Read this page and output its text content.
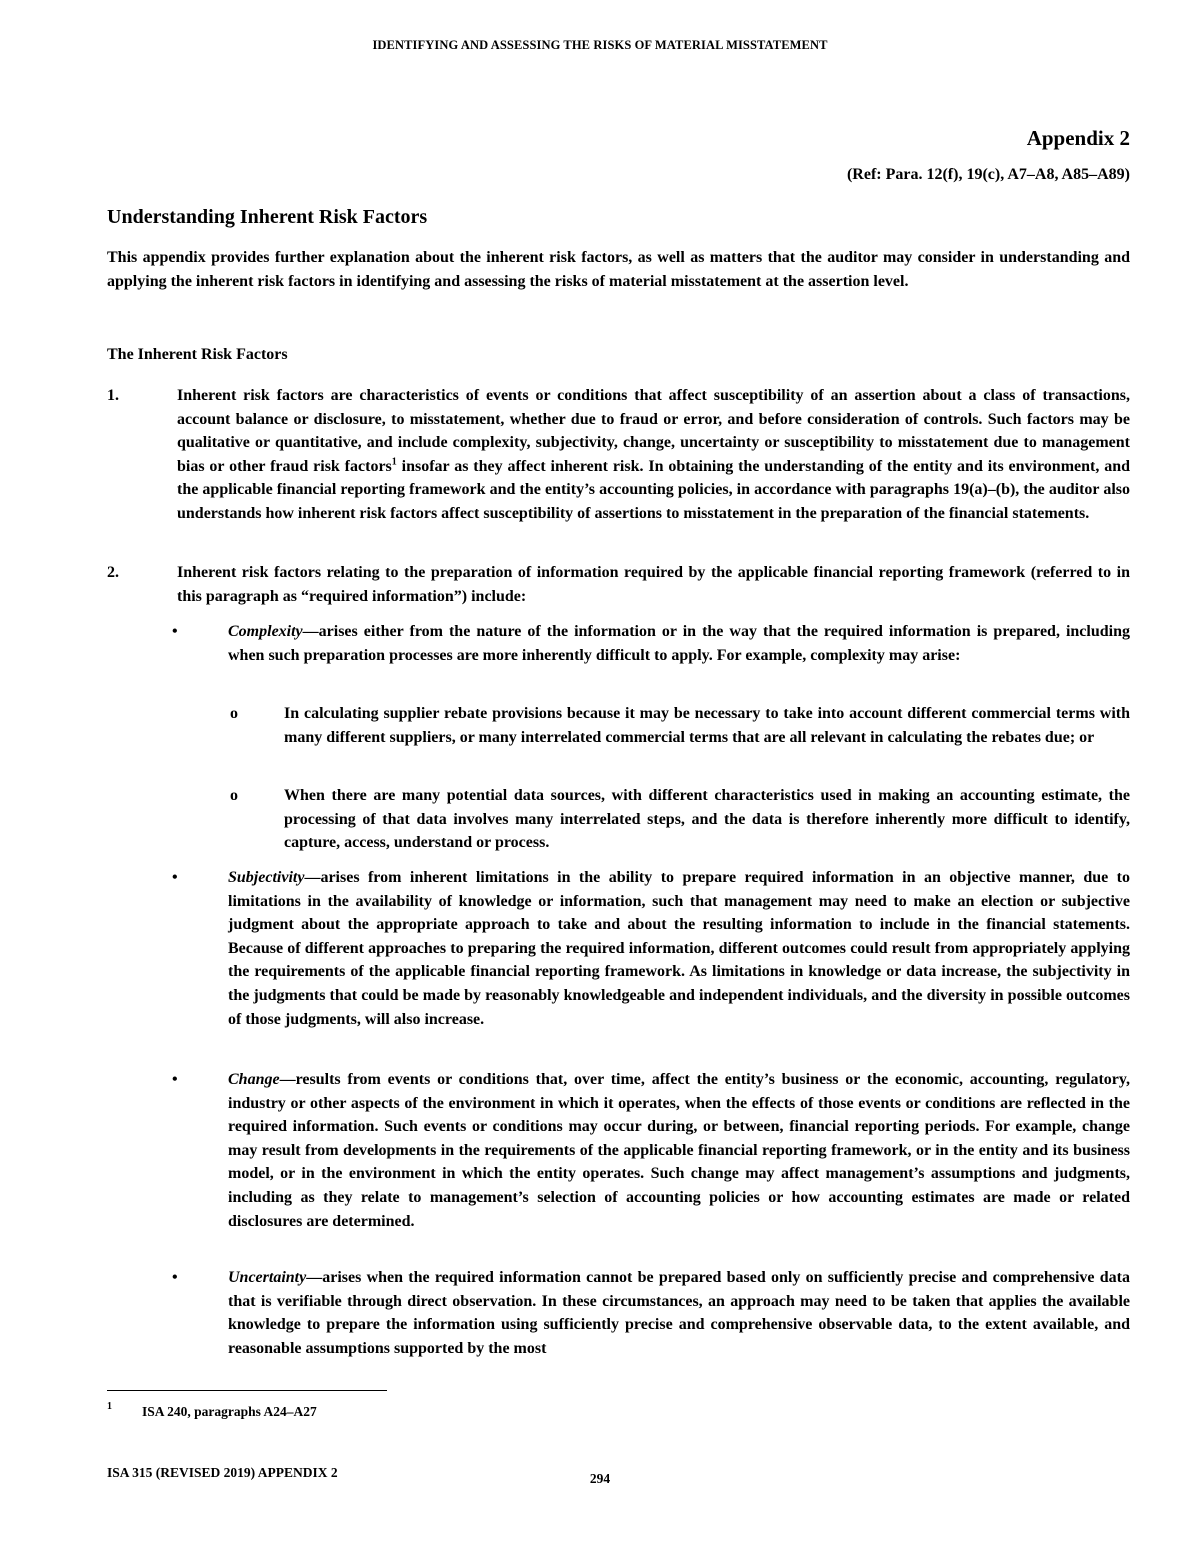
IDENTIFYING AND ASSESSING THE RISKS OF MATERIAL MISSTATEMENT
Appendix 2
(Ref: Para. 12(f), 19(c), A7–A8, A85–A89)
Understanding Inherent Risk Factors

This appendix provides further explanation about the inherent risk factors, as well as matters that the auditor may consider in understanding and applying the inherent risk factors in identifying and assessing the risks of material misstatement at the assertion level.

The Inherent Risk Factors
1.	Inherent risk factors are characteristics of events or conditions that affect susceptibility of an assertion about a class of transactions, account balance or disclosure, to misstatement, whether due to fraud or error, and before consideration of controls. Such factors may be qualitative or quantitative, and include complexity, subjectivity, change, uncertainty or susceptibility to misstatement due to management bias or other fraud risk factors$^1$ insofar as they affect inherent risk. In obtaining the understanding of the entity and its environment, and the applicable financial reporting framework and the entity’s accounting policies, in accordance with paragraphs 19(a)–(b), the auditor also understands how inherent risk factors affect susceptibility of assertions to misstatement in the preparation of the financial statements.
2.	Inherent risk factors relating to the preparation of information required by the applicable financial reporting framework (referred to in this paragraph as “required information”) include:
•	Complexity—arises either from the nature of the information or in the way that the required information is prepared, including when such preparation processes are more inherently difficult to apply. For example, complexity may arise:
o	In calculating supplier rebate provisions because it may be necessary to take into account different commercial terms with many different suppliers, or many interrelated commercial terms that are all relevant in calculating the rebates due; or
o	When there are many potential data sources, with different characteristics used in making an accounting estimate, the processing of that data involves many interrelated steps, and the data is therefore inherently more difficult to identify, capture, access, understand or process.
•	Subjectivity—arises from inherent limitations in the ability to prepare required information in an objective manner, due to limitations in the availability of knowledge or information, such that management may need to make an election or subjective judgment about the appropriate approach to take and about the resulting information to include in the financial statements. Because of different approaches to preparing the required information, different outcomes could result from appropriately applying the requirements of the applicable financial reporting framework. As limitations in knowledge or data increase, the subjectivity in the judgments that could be made by reasonably knowledgeable and independent individuals, and the diversity in possible outcomes of those judgments, will also increase.
•	Change—results from events or conditions that, over time, affect the entity’s business or the economic, accounting, regulatory, industry or other aspects of the environment in which it operates, when the effects of those events or conditions are reflected in the required information. Such events or conditions may occur during, or between, financial reporting periods. For example, change may result from developments in the requirements of the applicable financial reporting framework, or in the entity and its business model, or in the environment in which the entity operates. Such change may affect management’s assumptions and judgments, including as they relate to management’s selection of accounting policies or how accounting estimates are made or related disclosures are determined.
•	Uncertainty—arises when the required information cannot be prepared based only on sufficiently precise and comprehensive data that is verifiable through direct observation. In these circumstances, an approach may need to be taken that applies the available knowledge to prepare the information using sufficiently precise and comprehensive observable data, to the extent available, and reasonable assumptions supported by the most
1 ISA 240, paragraphs A24–A27
ISA 315 (REVISED 2019) APPENDIX 2	294
